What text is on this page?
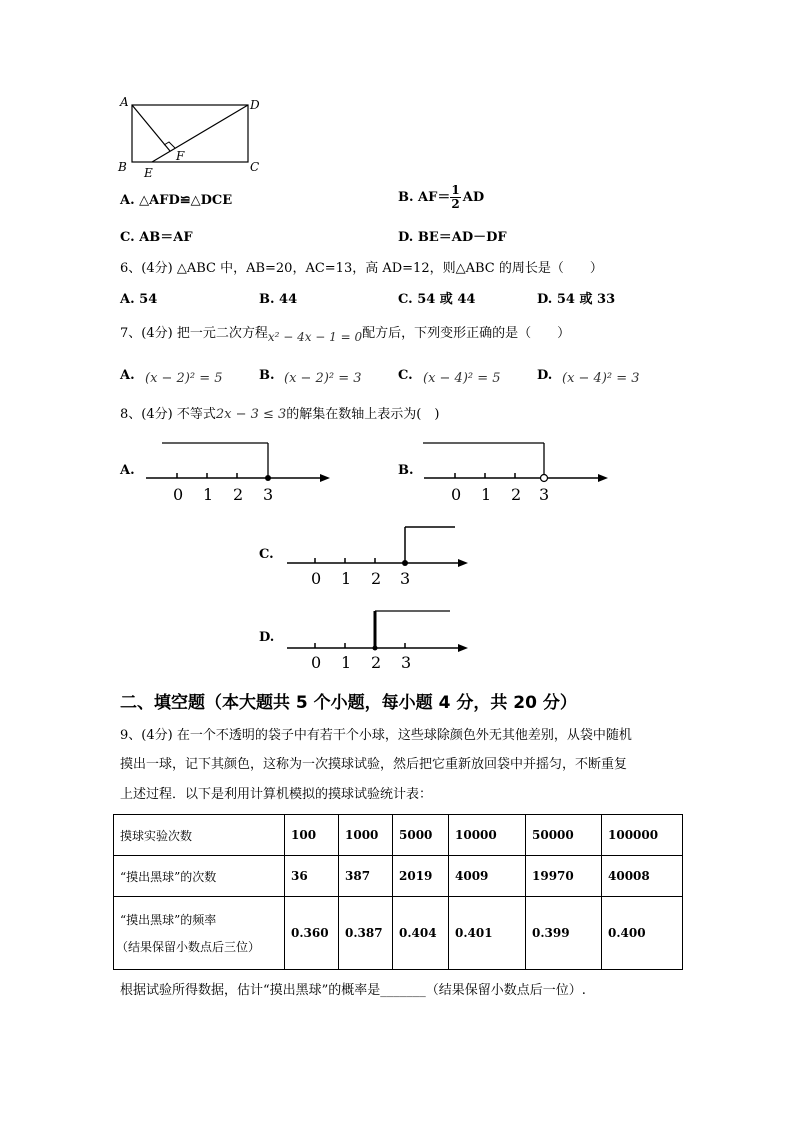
A	D
B	C
E
F
A. △AFD≌△DCE	B.
$AF= \frac{1}{2}$ AD
C. AB＝AF	D. BE＝AD－DF
6、(4分) △ABC 中，AB=20，AC=13，高 AD=12，则△ABC 的周长是（　　）
A. 54	B. 44	C. 54 或 44	D. 54 或 33
7、(4分) 把一元二次方程x² − 4x − 1 = 0配方后，下列变形正确的是（　　）
A. (x − 2)² = 5	B. (x − 2)² = 3	C. (x − 4)² = 5	D. (x − 4)² = 3
8、(4分) 不等式2x − 3 ≤ 3的解集在数轴上表示为(　)
A.
0 1 2 3
B.
0 1 2 3
C.
0 1 2 3
D.
0 1 2 3
二、填空题（本大题共 5 个小题，每小题 4 分，共 20 分）
9、(4分) 在一个不透明的袋子中有若干个小球，这些球除颜色外无其他差别，从袋中随机
摸出一球，记下其颜色，这称为一次摸球试验，然后把它重新放回袋中并摇匀，不断重复
上述过程．以下是利用计算机模拟的摸球试验统计表：
摸球实验次数	100	1000	5000	10000	50000	100000
“摸出黑球”的次数	36	387	2019	4009	19970	40008

“摸出黑球”的频率
（结果保留小数点后三位）	0.360	0.387	0.404	0.401	0.399	0.400
根据试验所得数据，估计“摸出黑球”的概率是_______（结果保留小数点后一位）.
